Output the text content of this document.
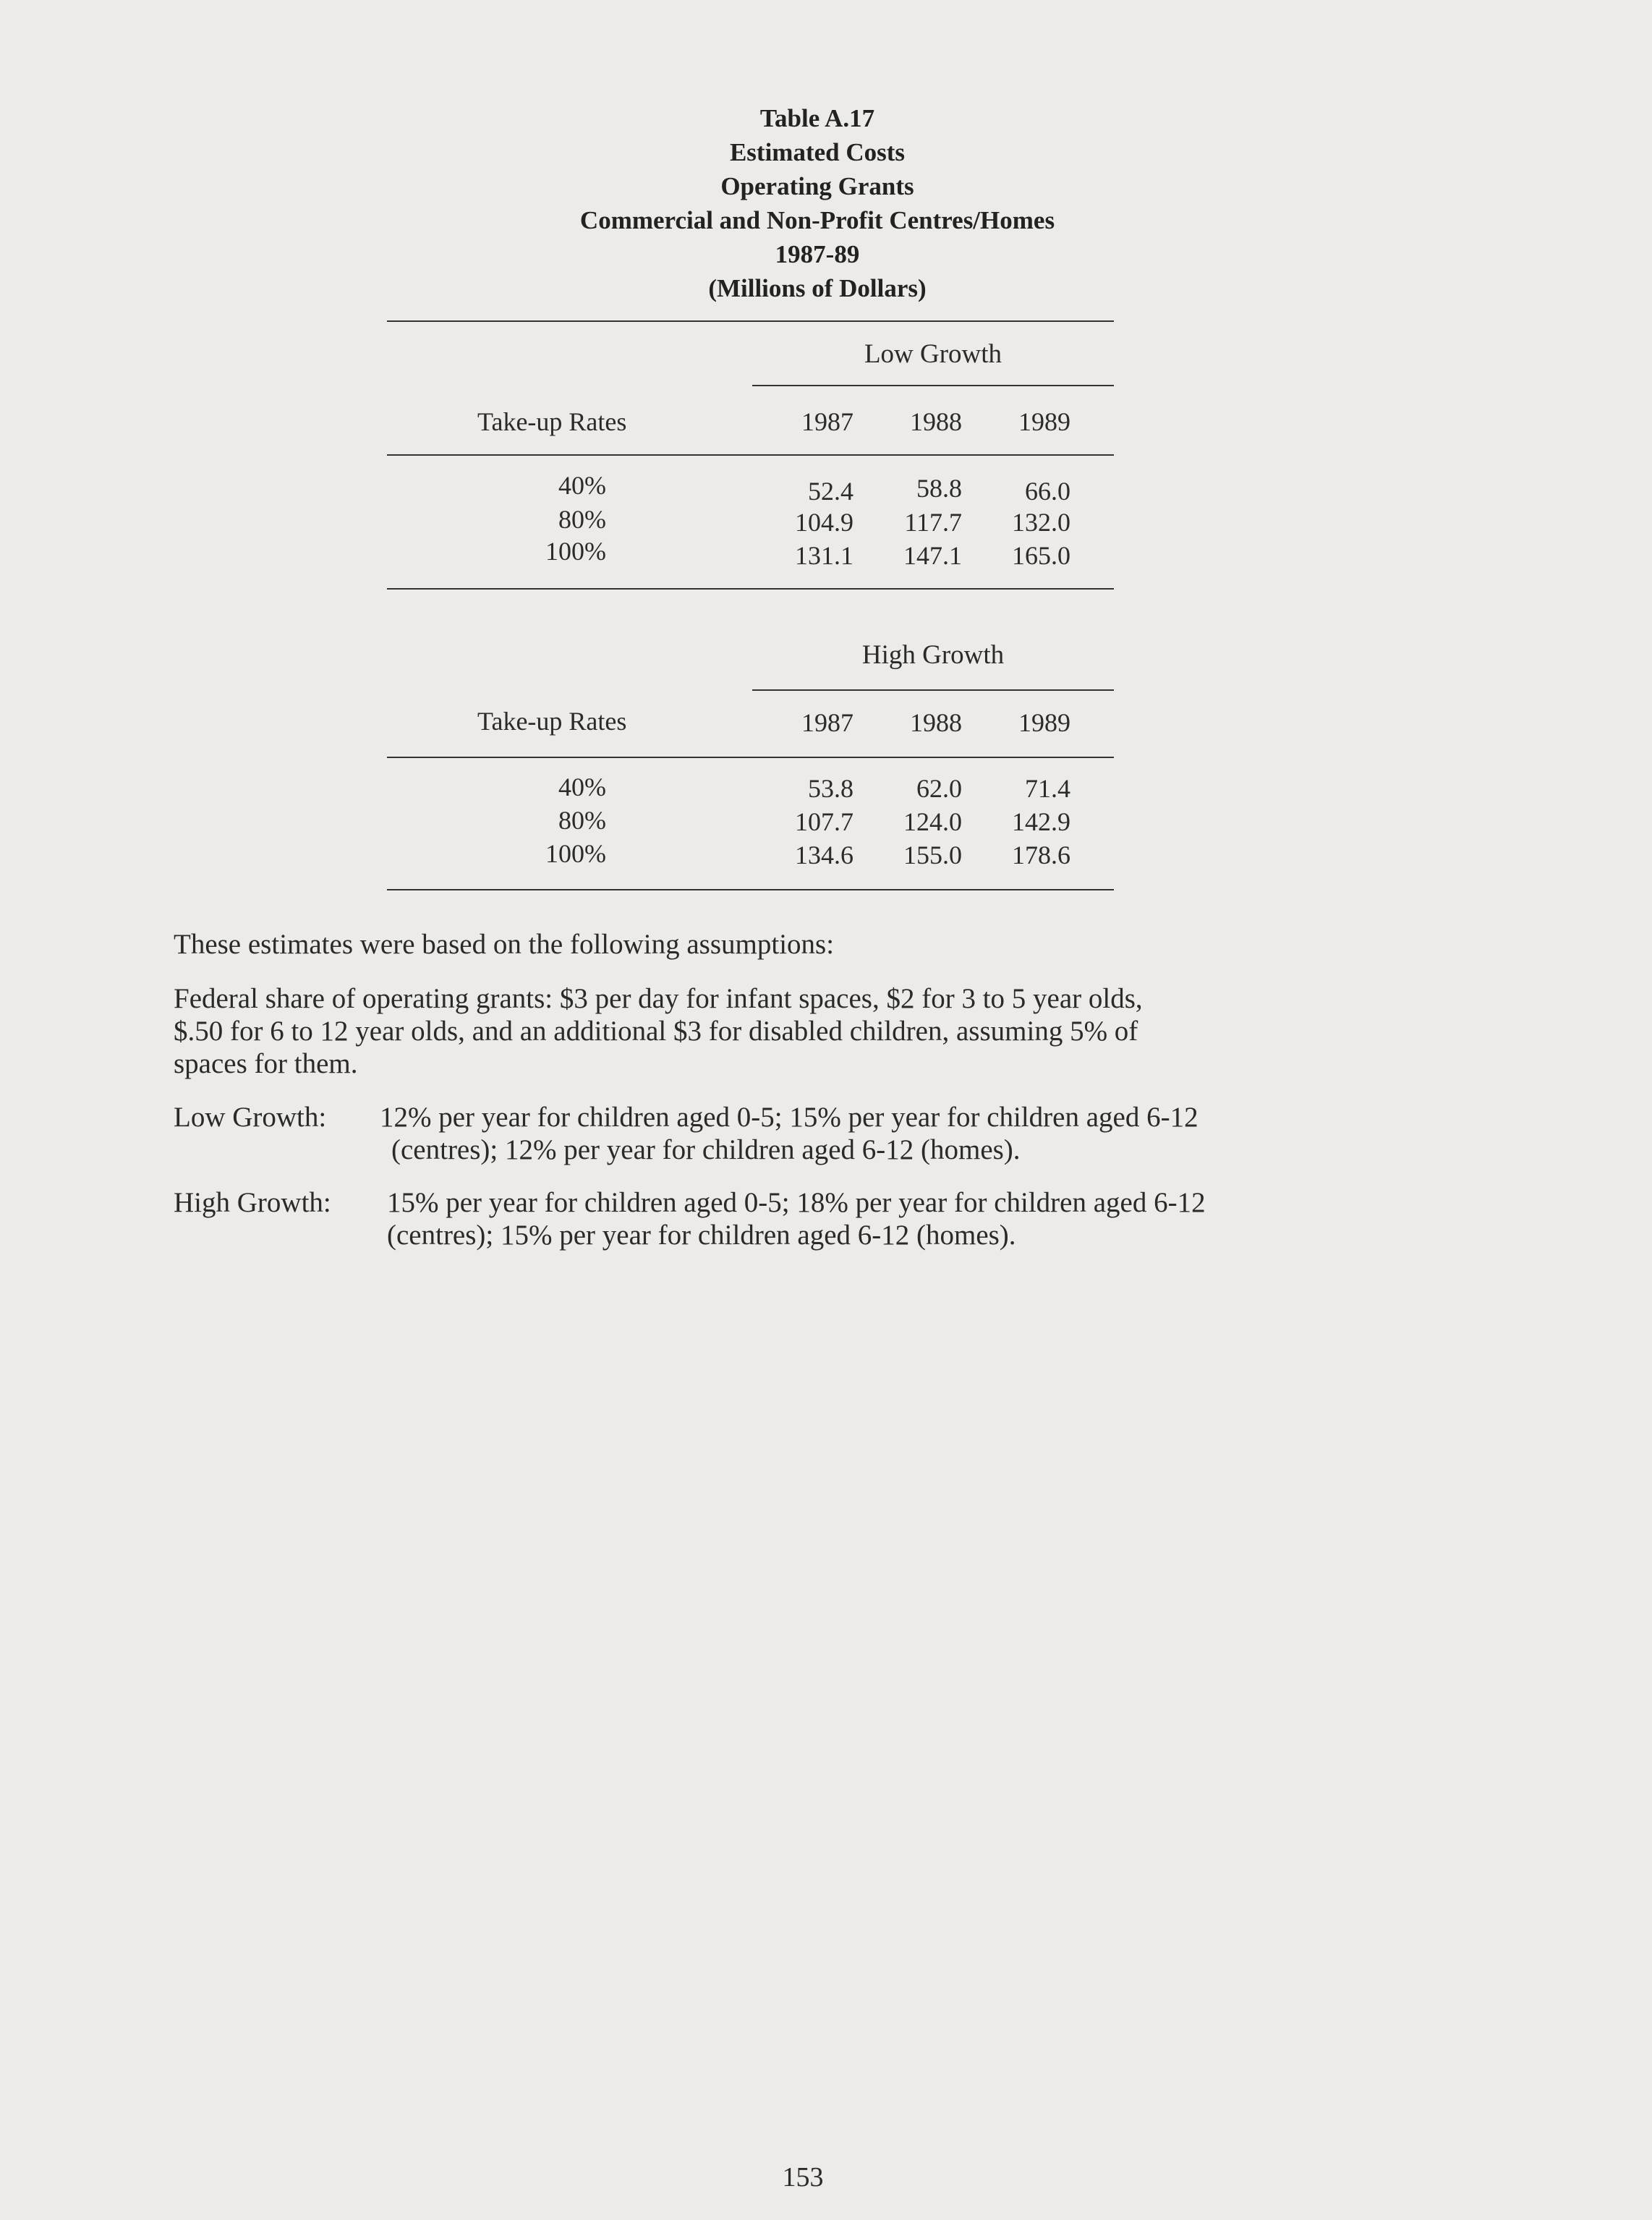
Table A.17
Estimated Costs
Operating Grants
Commercial and Non-Profit Centres/Homes
1987-89
(Millions of Dollars)
Low Growth
Take-up Rates	1987	1988	1989
40%	52.4	58.8	66.0
80%	104.9	117.7	132.0
100%	131.1	147.1	165.0
High Growth
Take-up Rates	1987	1988	1989
40%	53.8	62.0	71.4
80%	107.7	124.0	142.9
100%	134.6	155.0	178.6
These estimates were based on the following assumptions:
Federal share of operating grants: $3 per day for infant spaces, $2 for 3 to 5 year olds,
$.50 for 6 to 12 year olds, and an additional $3 for disabled children, assuming 5% of
spaces for them.
Low Growth: 12% per year for children aged 0-5; 15% per year for children aged 6-12
(centres); 12% per year for children aged 6-12 (homes).
High Growth: 15% per year for children aged 0-5; 18% per year for children aged 6-12
(centres); 15% per year for children aged 6-12 (homes).
153
